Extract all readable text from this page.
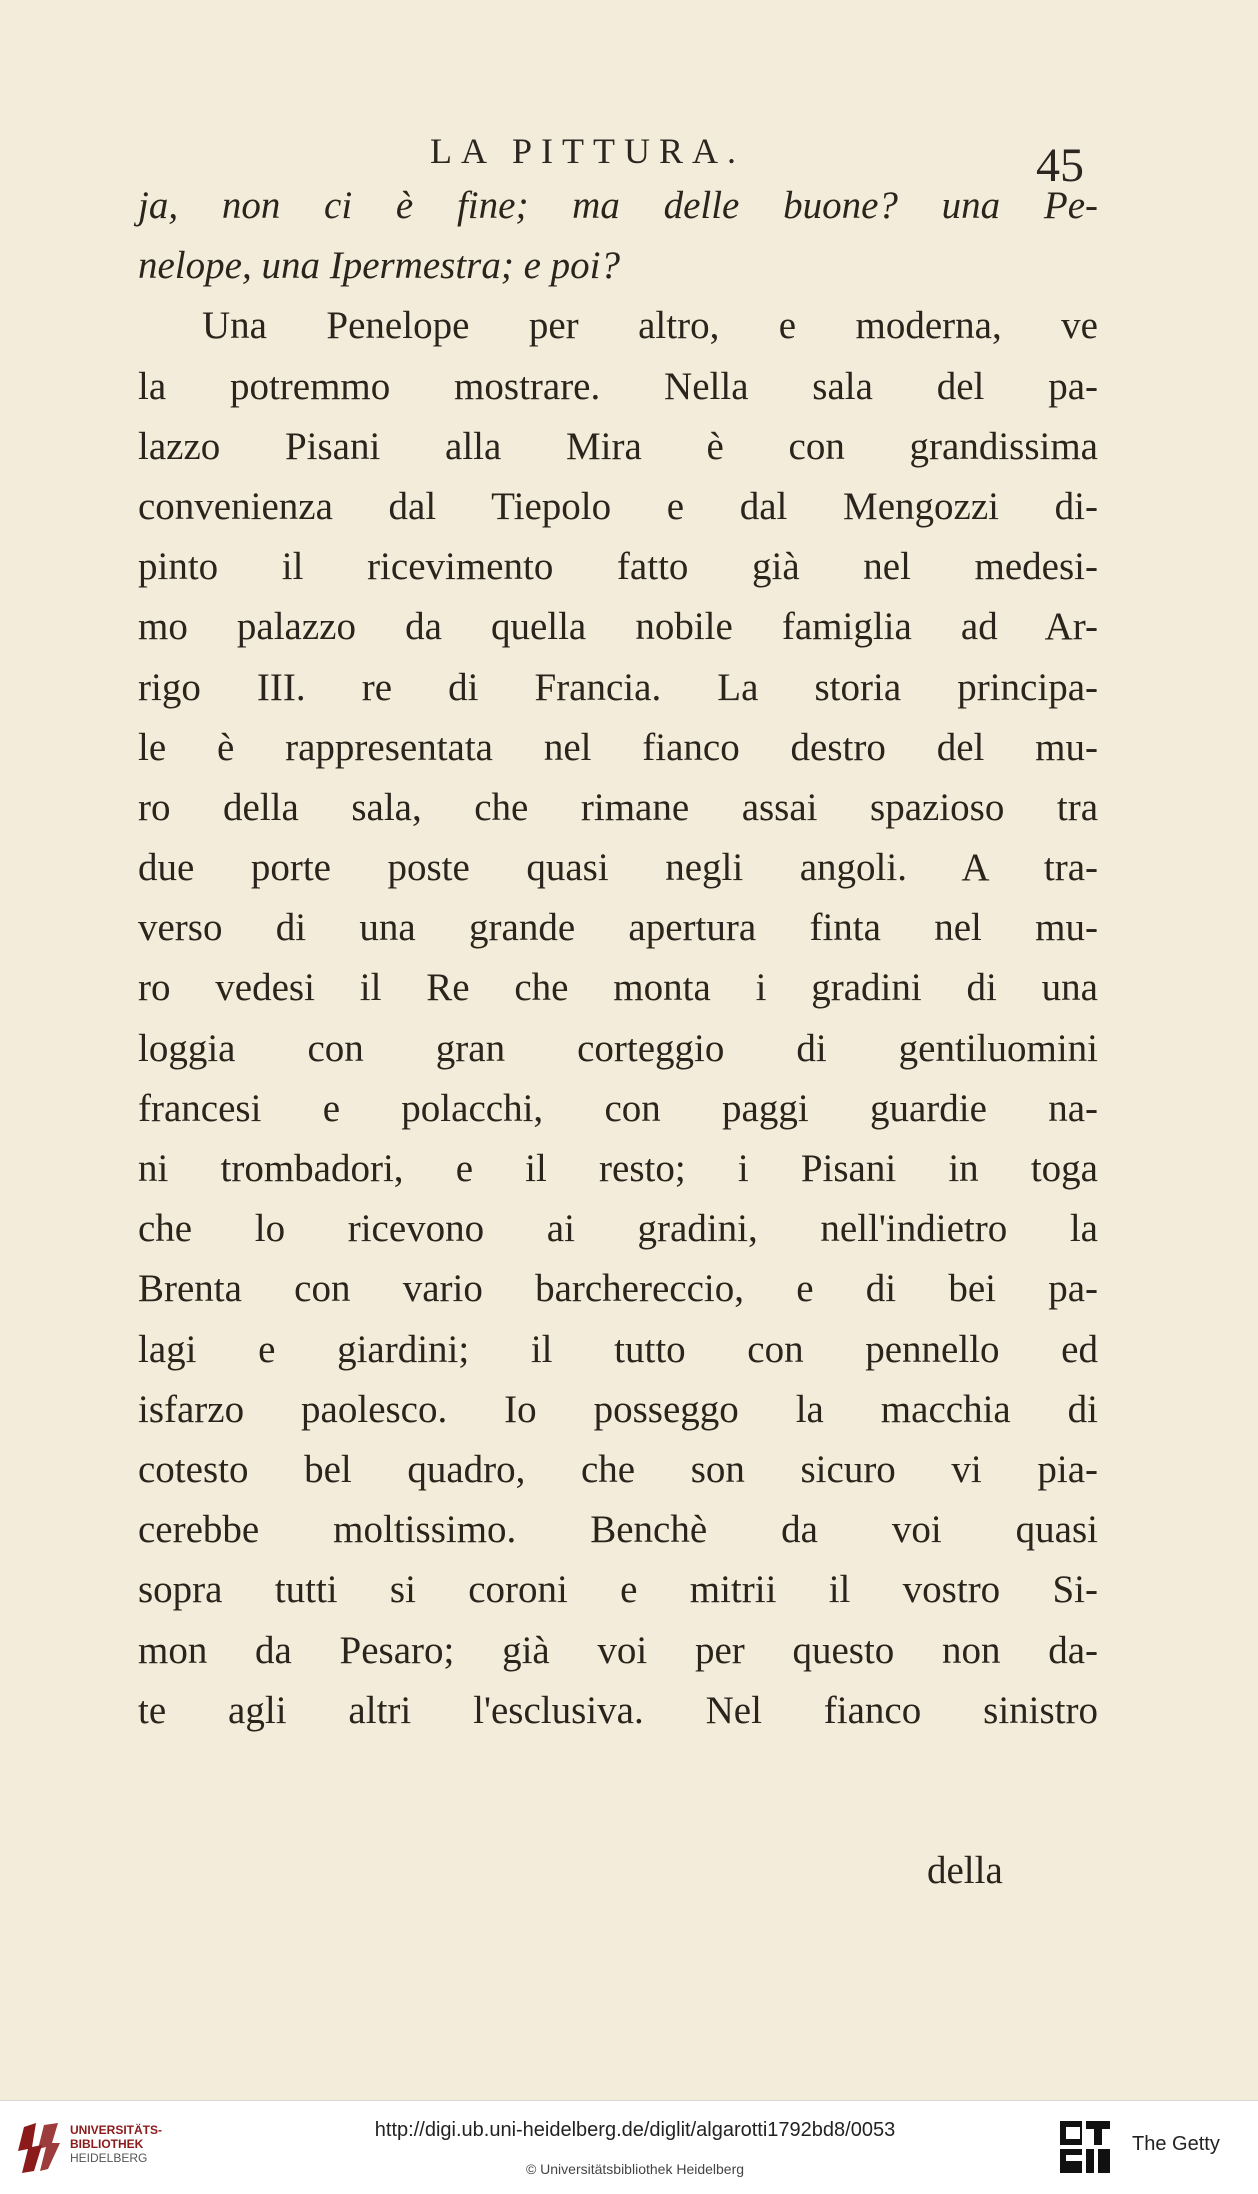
LA PITTURA.	45
ja, non ci è fine; ma delle buone? una Pe-
nelope, una Ipermestra; e poi?
Una Penelope per altro, e moderna, ve
la potremmo mostrare. Nella sala del pa-
lazzo Pisani alla Mira è con grandissima
convenienza dal Tiepolo e dal Mengozzi di-
pinto il ricevimento fatto già nel medesi-
mo palazzo da quella nobile famiglia ad Ar-
rigo III. re di Francia. La storia principa-
le è rappresentata nel fianco destro del mu-
ro della sala, che rimane assai spazioso tra
due porte poste quasi negli angoli. A tra-
verso di una grande apertura finta nel mu-
ro vedesi il Re che monta i gradini di una
loggia con gran corteggio di gentiluomini
francesi e polacchi, con paggi guardie na-
ni trombadori, e il resto; i Pisani in toga
che lo ricevono ai gradini, nell'indietro la
Brenta con vario barchereccio, e di bei pa-
lagi e giardini; il tutto con pennello ed
isfarzo paolesco. Io posseggo la macchia di
cotesto bel quadro, che son sicuro vi pia-
cerebbe moltissimo. Benchè da voi quasi
sopra tutti si coroni e mitrii il vostro Si-
mon da Pesaro; già voi per questo non da-
te agli altri l'esclusiva. Nel fianco sinistro
della
UNIVERSITÄTS-
BIBLIOTHEK
HEIDELBERG
http://digi.ub.uni-heidelberg.de/diglit/algarotti1792bd8/0053
© Universitätsbibliothek Heidelberg
The Getty
